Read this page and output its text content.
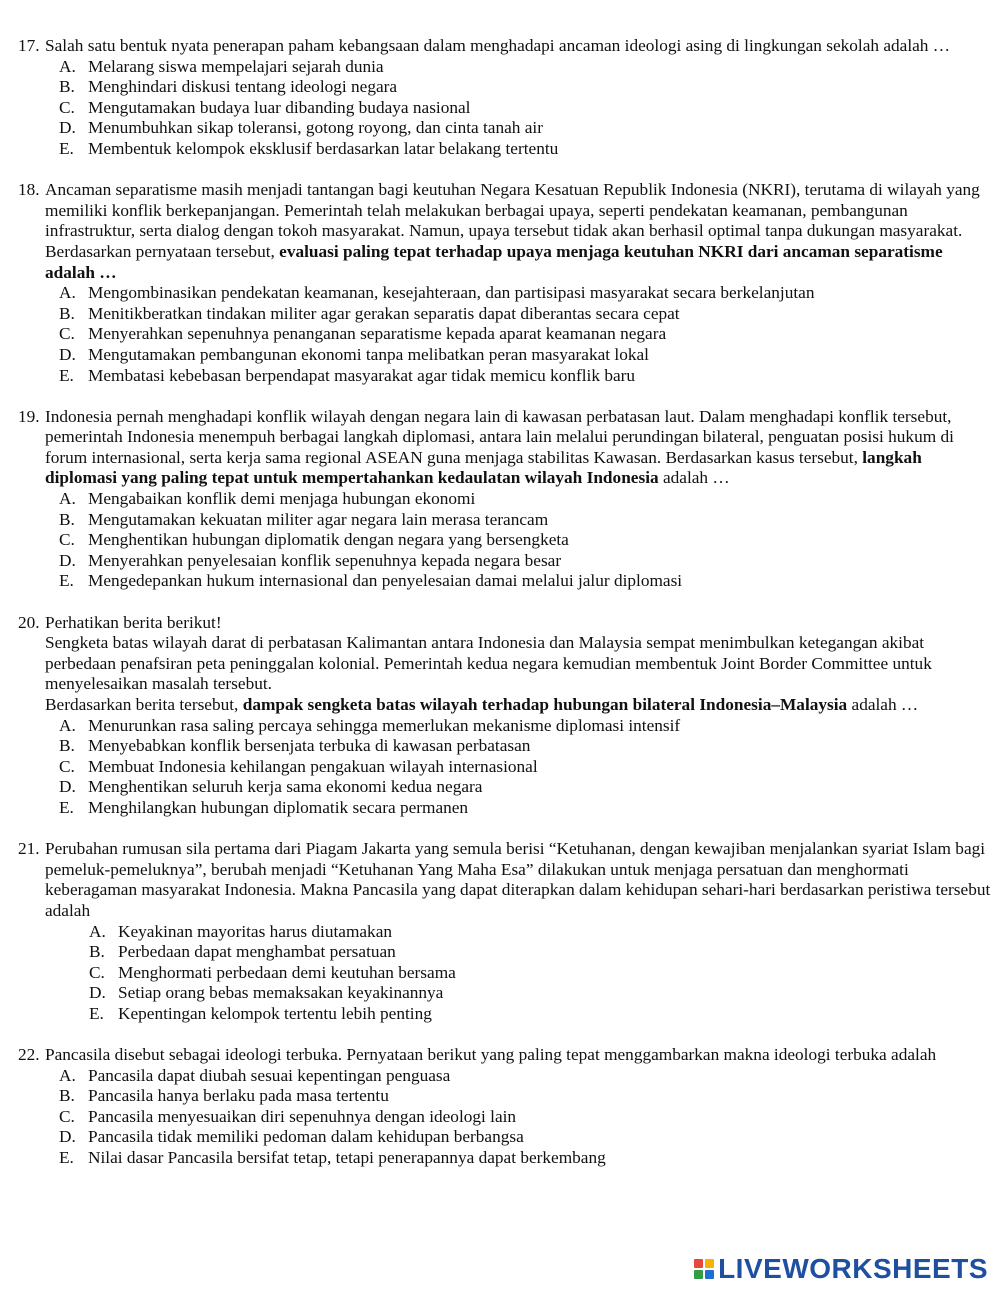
17. Salah satu bentuk nyata penerapan paham kebangsaan dalam menghadapi ancaman ideologi asing di lingkungan sekolah adalah …
A. Melarang siswa mempelajari sejarah dunia
B. Menghindari diskusi tentang ideologi negara
C. Mengutamakan budaya luar dibanding budaya nasional
D. Menumbuhkan sikap toleransi, gotong royong, dan cinta tanah air
E. Membentuk kelompok eksklusif berdasarkan latar belakang tertentu
18. Ancaman separatisme masih menjadi tantangan bagi keutuhan Negara Kesatuan Republik Indonesia (NKRI), terutama di wilayah yang memiliki konflik berkepanjangan. Pemerintah telah melakukan berbagai upaya, seperti pendekatan keamanan, pembangunan infrastruktur, serta dialog dengan tokoh masyarakat. Namun, upaya tersebut tidak akan berhasil optimal tanpa dukungan masyarakat. Berdasarkan pernyataan tersebut, evaluasi paling tepat terhadap upaya menjaga keutuhan NKRI dari ancaman separatisme adalah …
A. Mengombinasikan pendekatan keamanan, kesejahteraan, dan partisipasi masyarakat secara berkelanjutan
B. Menitikberatkan tindakan militer agar gerakan separatis dapat diberantas secara cepat
C. Menyerahkan sepenuhnya penanganan separatisme kepada aparat keamanan negara
D. Mengutamakan pembangunan ekonomi tanpa melibatkan peran masyarakat lokal
E. Membatasi kebebasan berpendapat masyarakat agar tidak memicu konflik baru
19. Indonesia pernah menghadapi konflik wilayah dengan negara lain di kawasan perbatasan laut. Dalam menghadapi konflik tersebut, pemerintah Indonesia menempuh berbagai langkah diplomasi, antara lain melalui perundingan bilateral, penguatan posisi hukum di forum internasional, serta kerja sama regional ASEAN guna menjaga stabilitas Kawasan. Berdasarkan kasus tersebut, langkah diplomasi yang paling tepat untuk mempertahankan kedaulatan wilayah Indonesia adalah …
A. Mengabaikan konflik demi menjaga hubungan ekonomi
B. Mengutamakan kekuatan militer agar negara lain merasa terancam
C. Menghentikan hubungan diplomatik dengan negara yang bersengketa
D. Menyerahkan penyelesaian konflik sepenuhnya kepada negara besar
E. Mengedepankan hukum internasional dan penyelesaian damai melalui jalur diplomasi
20. Perhatikan berita berikut!
Sengketa batas wilayah darat di perbatasan Kalimantan antara Indonesia dan Malaysia sempat menimbulkan ketegangan akibat perbedaan penafsiran peta peninggalan kolonial. Pemerintah kedua negara kemudian membentuk Joint Border Committee untuk menyelesaikan masalah tersebut.
Berdasarkan berita tersebut, dampak sengketa batas wilayah terhadap hubungan bilateral Indonesia–Malaysia adalah …
A. Menurunkan rasa saling percaya sehingga memerlukan mekanisme diplomasi intensif
B. Menyebabkan konflik bersenjata terbuka di kawasan perbatasan
C. Membuat Indonesia kehilangan pengakuan wilayah internasional
D. Menghentikan seluruh kerja sama ekonomi kedua negara
E. Menghilangkan hubungan diplomatik secara permanen
21. Perubahan rumusan sila pertama dari Piagam Jakarta yang semula berisi “Ketuhanan, dengan kewajiban menjalankan syariat Islam bagi pemeluk-pemeluknya”, berubah menjadi “Ketuhanan Yang Maha Esa” dilakukan untuk menjaga persatuan dan menghormati keberagaman masyarakat Indonesia. Makna Pancasila yang dapat diterapkan dalam kehidupan sehari-hari berdasarkan peristiwa tersebut adalah
A. Keyakinan mayoritas harus diutamakan
B. Perbedaan dapat menghambat persatuan
C. Menghormati perbedaan demi keutuhan bersama
D. Setiap orang bebas memaksakan keyakinannya
E. Kepentingan kelompok tertentu lebih penting
22. Pancasila disebut sebagai ideologi terbuka. Pernyataan berikut yang paling tepat menggambarkan makna ideologi terbuka adalah
A. Pancasila dapat diubah sesuai kepentingan penguasa
B. Pancasila hanya berlaku pada masa tertentu
C. Pancasila menyesuaikan diri sepenuhnya dengan ideologi lain
D. Pancasila tidak memiliki pedoman dalam kehidupan berbangsa
E. Nilai dasar Pancasila bersifat tetap, tetapi penerapannya dapat berkembang
LIVEWORKSHEETS
